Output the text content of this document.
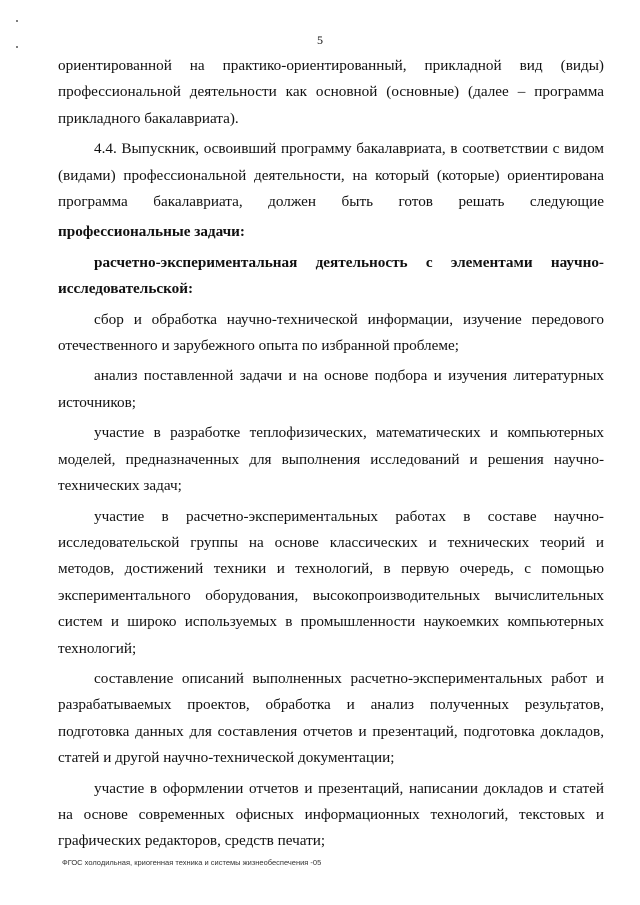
5

ориентированной на практико-ориентированный, прикладной вид (виды) профессиональной деятельности как основной (основные) (далее – программа прикладного бакалавриата).

4.4. Выпускник, освоивший программу бакалавриата, в соответствии с видом (видами) профессиональной деятельности, на который (которые) ориентирована программа бакалавриата, должен быть готов решать следующие

профессиональные задачи:

расчетно-экспериментальная деятельность с элементами научно-исследовательской:

сбор и обработка научно-технической информации, изучение передового отечественного и зарубежного опыта по избранной проблеме;

анализ поставленной задачи и на основе подбора и изучения литературных источников;

участие в разработке теплофизических, математических и компьютерных моделей, предназначенных для выполнения исследований и решения научно-технических задач;

участие в расчетно-экспериментальных работах в составе научно-исследовательской группы на основе классических и технических теорий и методов, достижений техники и технологий, в первую очередь, с помощью экспериментального оборудования, высокопроизводительных вычислительных систем и широко используемых в промышленности наукоемких компьютерных технологий;

составление описаний выполненных расчетно-экспериментальных работ и разрабатываемых проектов, обработка и анализ полученных результатов, подготовка данных для составления отчетов и презентаций, подготовка докладов, статей и другой научно-технической документации;

участие в оформлении отчетов и презентаций, написании докладов и статей на основе современных офисных информационных технологий, текстовых и графических редакторов, средств печати;

ФГОС холодильная, криогенная техника и системы жизнеобеспечения -05
